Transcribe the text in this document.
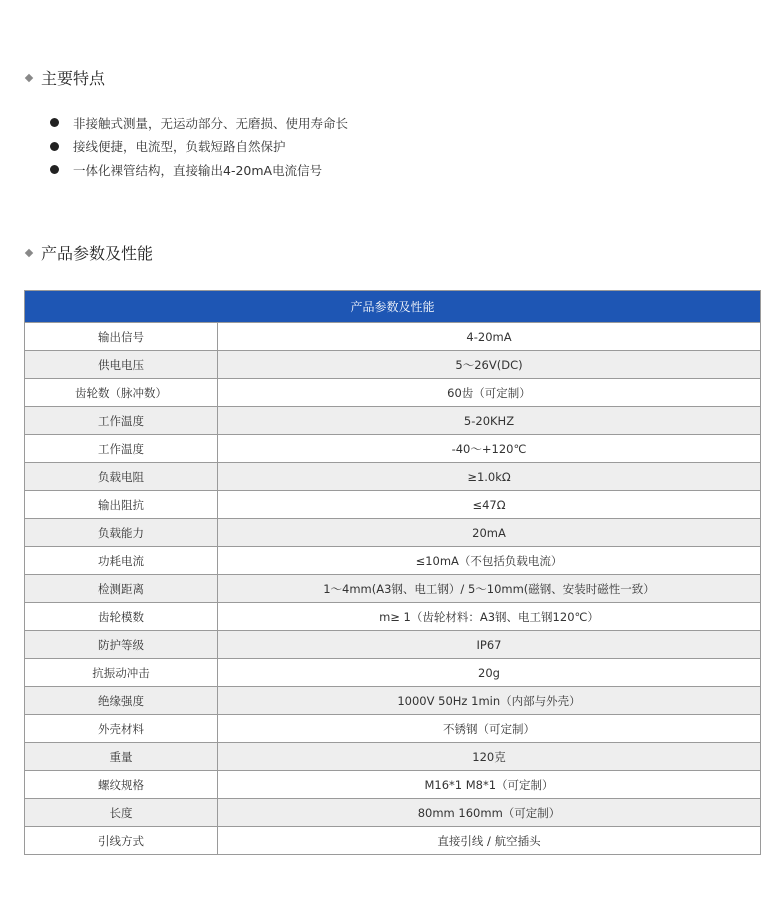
主要特点
非接触式测量，无运动部分、无磨损、使用寿命长
接线便捷，电流型，负载短路自然保护
一体化裸管结构，直接输出4-20mA电流信号
产品参数及性能
产品参数及性能	
输出信号	4-20mA
供电电压	5～26V(DC)
齿轮数（脉冲数）	60齿（可定制）
工作温度	5-20KHZ
工作温度	-40～+120℃
负载电阻	≥1.0kΩ
输出阻抗	≤47Ω
负载能力	20mA
功耗电流	≤10mA（不包括负载电流）
检测距离	1～4mm(A3钢、电工钢）/ 5～10mm(磁钢、安装时磁性一致）
齿轮模数	m≥ 1（齿轮材料：A3钢、电工钢120℃）
防护等级	IP67
抗振动冲击	20g
绝缘强度	1000V 50Hz 1min（内部与外壳）
外壳材料	不锈钢（可定制）
重量	120克
螺纹规格	M16*1 M8*1（可定制）
长度	80mm 160mm（可定制）
引线方式	直接引线 / 航空插头
